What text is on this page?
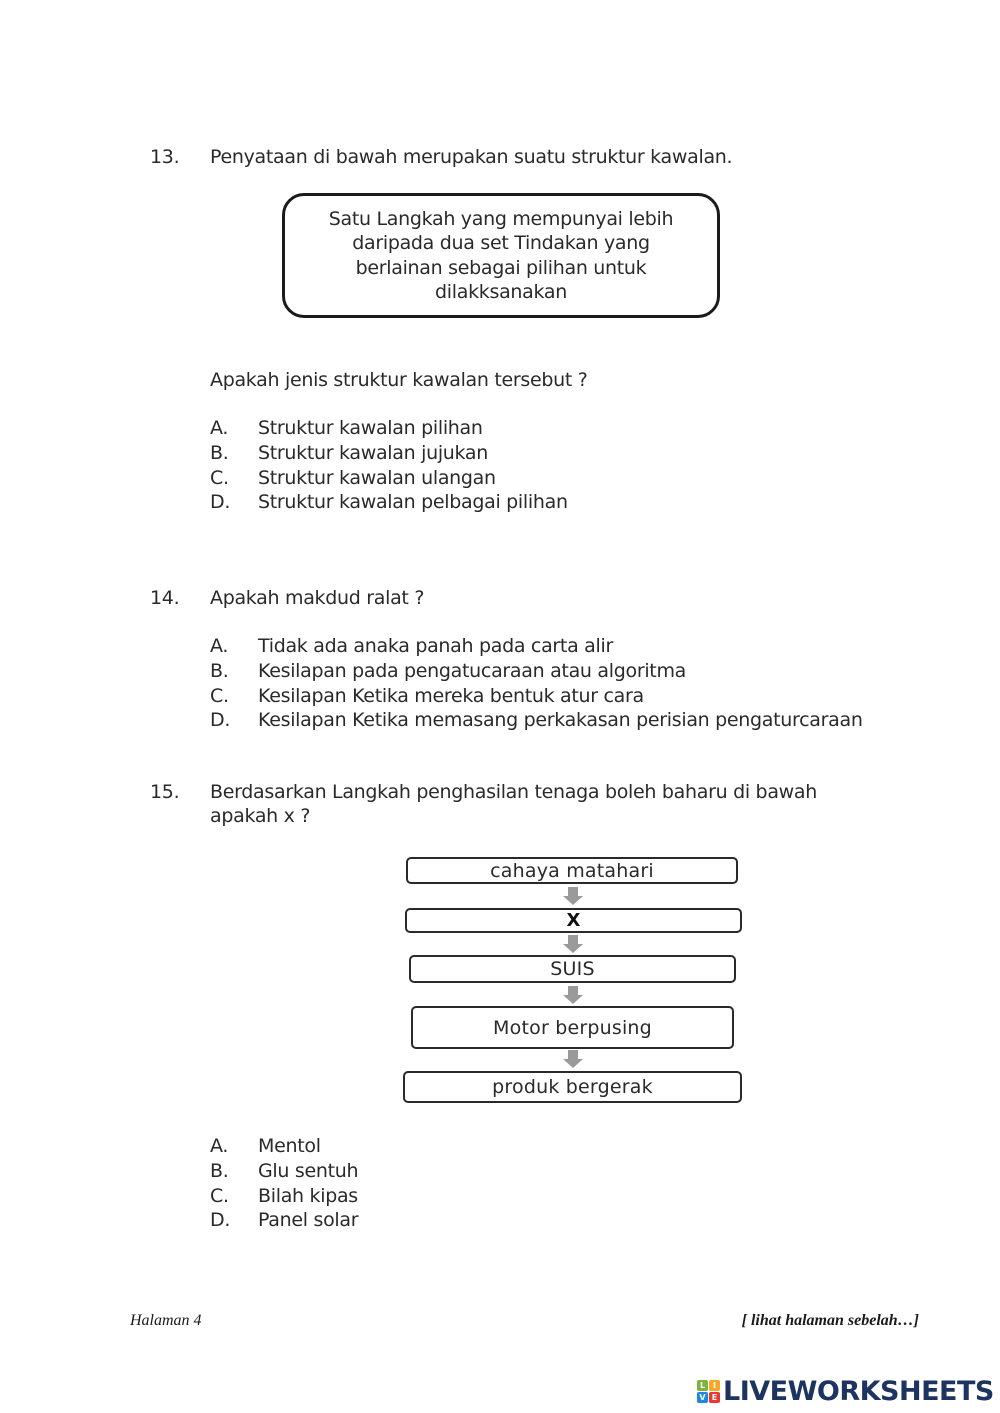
13. Penyataan di bawah merupakan suatu struktur kawalan.
Satu Langkah yang mempunyai lebih
daripada dua set Tindakan yang
berlainan sebagai pilihan untuk
dilakksanakan
Apakah jenis struktur kawalan tersebut ?
A. Struktur kawalan pilihan
B. Struktur kawalan jujukan
C. Struktur kawalan ulangan
D. Struktur kawalan pelbagai pilihan
14. Apakah makdud ralat ?
A. Tidak ada anaka panah pada carta alir
B. Kesilapan pada pengatucaraan atau algoritma
C. Kesilapan Ketika mereka bentuk atur cara
D. Kesilapan Ketika memasang perkakasan perisian pengaturcaraan
15. Berdasarkan Langkah penghasilan tenaga boleh baharu di bawah
apakah x ?
cahaya matahari
X
SUIS
Motor berpusing
produk bergerak
A. Mentol
B. Glu sentuh
C. Bilah kipas
D. Panel solar
Halaman 4	[ lihat halaman sebelah…]
L I
V E LIVEWORKSHEETS
